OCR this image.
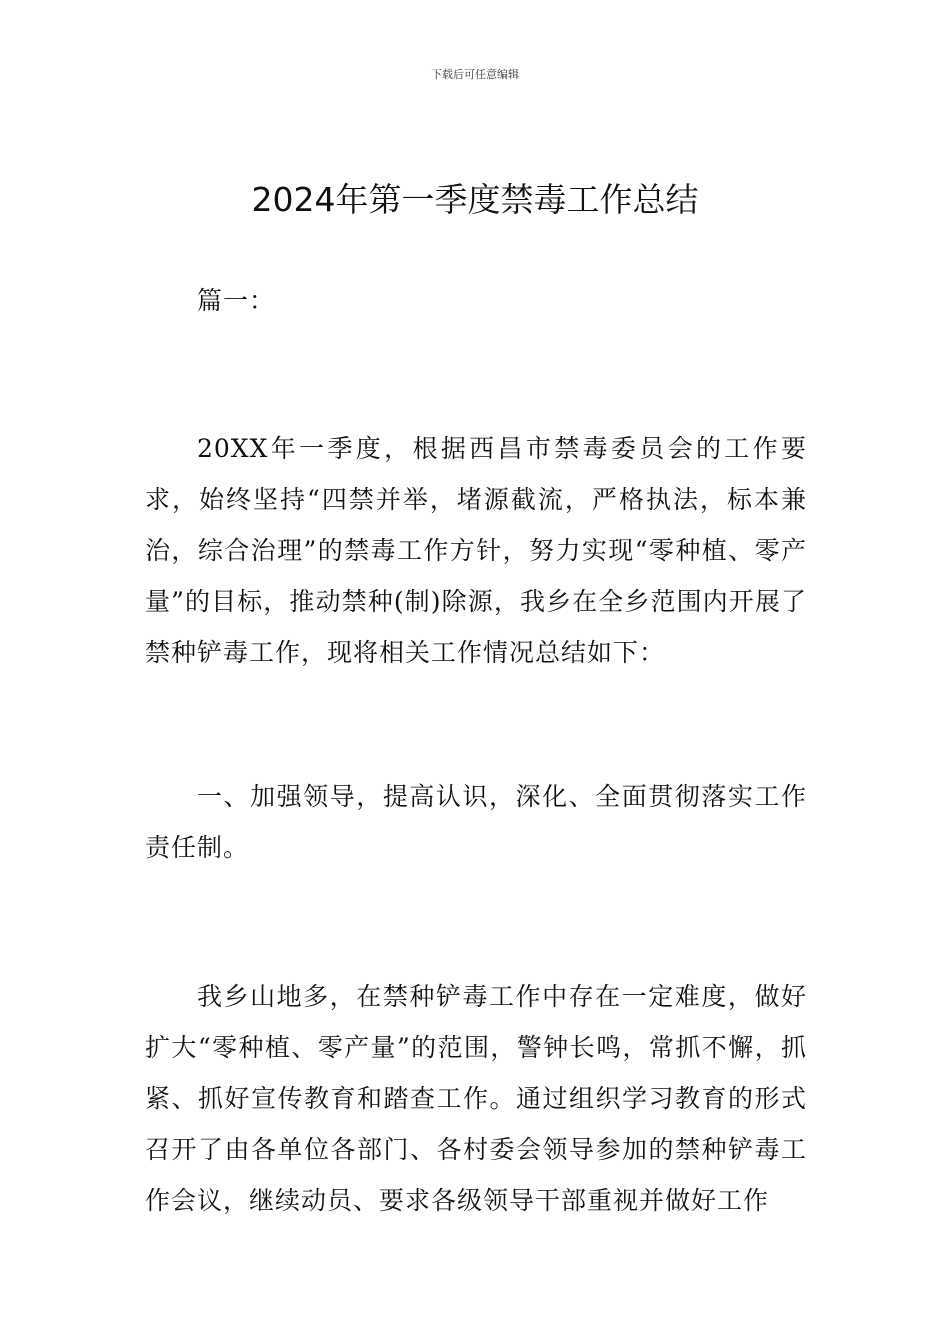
下载后可任意编辑
2024年第一季度禁毒工作总结

篇一：

20XX年一季度，根据西昌市禁毒委员会的工作要求，始终坚持“四禁并举，堵源截流，严格执法，标本兼治，综合治理”的禁毒工作方针，努力实现“零种植、零产量”的目标，推动禁种(制)除源，我乡在全乡范围内开展了禁种铲毒工作，现将相关工作情况总结如下：

一、加强领导，提高认识，深化、全面贯彻落实工作责任制。

我乡山地多，在禁种铲毒工作中存在一定难度，做好扩大“零种植、零产量”的范围，警钟长鸣，常抓不懈，抓紧、抓好宣传教育和踏查工作。通过组织学习教育的形式召开了由各单位各部门、各村委会领导参加的禁种铲毒工作会议，继续动员、要求各级领导干部重视并做好工作
